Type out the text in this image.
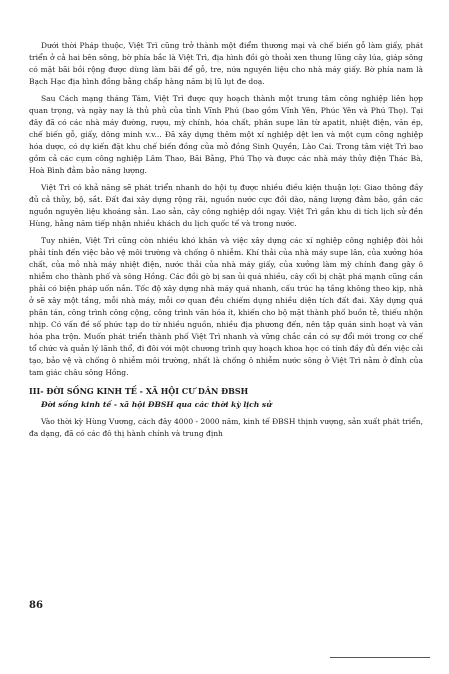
Dưới thời Pháp thuộc, Việt Trì cũng trở thành một điểm thương mại và chế biến gỗ làm giấy, phát triển ở cả hai bên sông, bờ phía bắc là Việt Trì, địa hình đồi gò thoải xen thung lũng cây lúa, giáp sông có mặt bãi bồi rộng được dùng làm bãi để gỗ, tre, nứa nguyên liệu cho nhà máy giấy. Bờ phía nam là Bạch Hạc địa hình đồng bằng chấp hàng năm bị lũ lụt đe doạ.

Sau Cách mạng tháng Tám, Việt Trì được quy hoạch thành một trung tâm công nghiệp liên hợp quan trọng, và ngày nay là thủ phủ của tỉnh Vĩnh Phú (bao gồm Vĩnh Yên, Phúc Yên và Phú Thọ). Tại đây đã có các nhà máy đường, rượu, mỳ chính, hóa chất, phân supe lân từ apatit, nhiệt điện, văn ép, chế biến gỗ, giấy, dông minh v.v... Đã xây dựng thêm một xí nghiệp dệt len và một cụm công nghiệp hóa dược, có dự kiến đặt khu chế biến đồng của mỏ đồng Sinh Quyền, Lào Cai. Trong tâm việt Trì bao gồm cả các cụm công nghiệp Lâm Thao, Bãi Bằng, Phú Thọ và được các nhà máy thủy điện Thác Bà, Hoà Bình đảm bảo năng lượng.

Việt Trì có khả năng sẽ phát triển nhanh do hội tụ được nhiều điều kiện thuận lợi: Giao thông đầy đủ cả thủy, bộ, sắt. Đất đai xây dựng rộng rãi, nguồn nước cực đồi dào, năng lượng đảm bảo, gần các nguồn nguyên liệu khoáng sản. Lao sản, cây công nghiệp dồi ngay. Việt Trì gần khu di tích lịch sử đền Hùng, hằng năm tiếp nhận nhiều khách du lịch quốc tế và trong nước.

Tuy nhiên, Việt Trì cũng còn nhiều khó khăn và việc xây dựng các xí nghiệp công nghiệp đòi hỏi phải tính đến việc bảo vệ môi trường và chống ô nhiễm. Khí thải của nhà máy supe lân, của xưởng hóa chất, của mỏ nhà máy nhiệt điện, nước thải của nhà máy giấy, của xưởng làm mỳ chính đang gây ô nhiễm cho thành phố và sông Hồng. Các đồi gò bị san ủi quá nhiều, cây cối bị chặt phá mạnh cũng cần phải có biện pháp uốn nắn. Tốc độ xây dựng nhà máy quá nhanh, cấu trúc hạ tầng không theo kịp, nhà ở sẽ xây một tầng, mỗi nhà máy, mỗi cơ quan đều chiếm dụng nhiều diện tích đất đai. Xây dựng quá phân tán, công trình công cộng, công trình văn hóa ít, khiến cho bộ mặt thành phố buồn tẻ, thiếu nhộn nhịp. Có vấn đề số phức tạp do từ nhiều nguồn, nhiều địa phương đến, nên tập quán sinh hoạt và văn hóa pha trộn. Muốn phát triển thành phố Việt Trì nhanh và vững chắc cần có sự đổi mới trong cơ chế tổ chức và quản lý lãnh thổ, đi đôi với một chương trình quy hoạch khoa học có tính đầy đủ đến việc cải tạo, bảo vệ và chống ô nhiễm môi trường, nhất là chống ô nhiễm nước sông ở Việt Trì nằm ở đỉnh của tam giác châu sông Hồng.

III- ĐỜI SỐNG KINH TẾ - XÃ HỘI CƯ DÂN ĐBSH
Đời sống kinh tế - xã hội ĐBSH qua các thời kỳ lịch sử

Vào thời kỳ Hùng Vương, cách đây 4000 - 2000 năm, kinh tế ĐBSH thịnh vượng, sản xuất phát triển, đa dạng, đã có các đô thị hành chính và trung định

86
